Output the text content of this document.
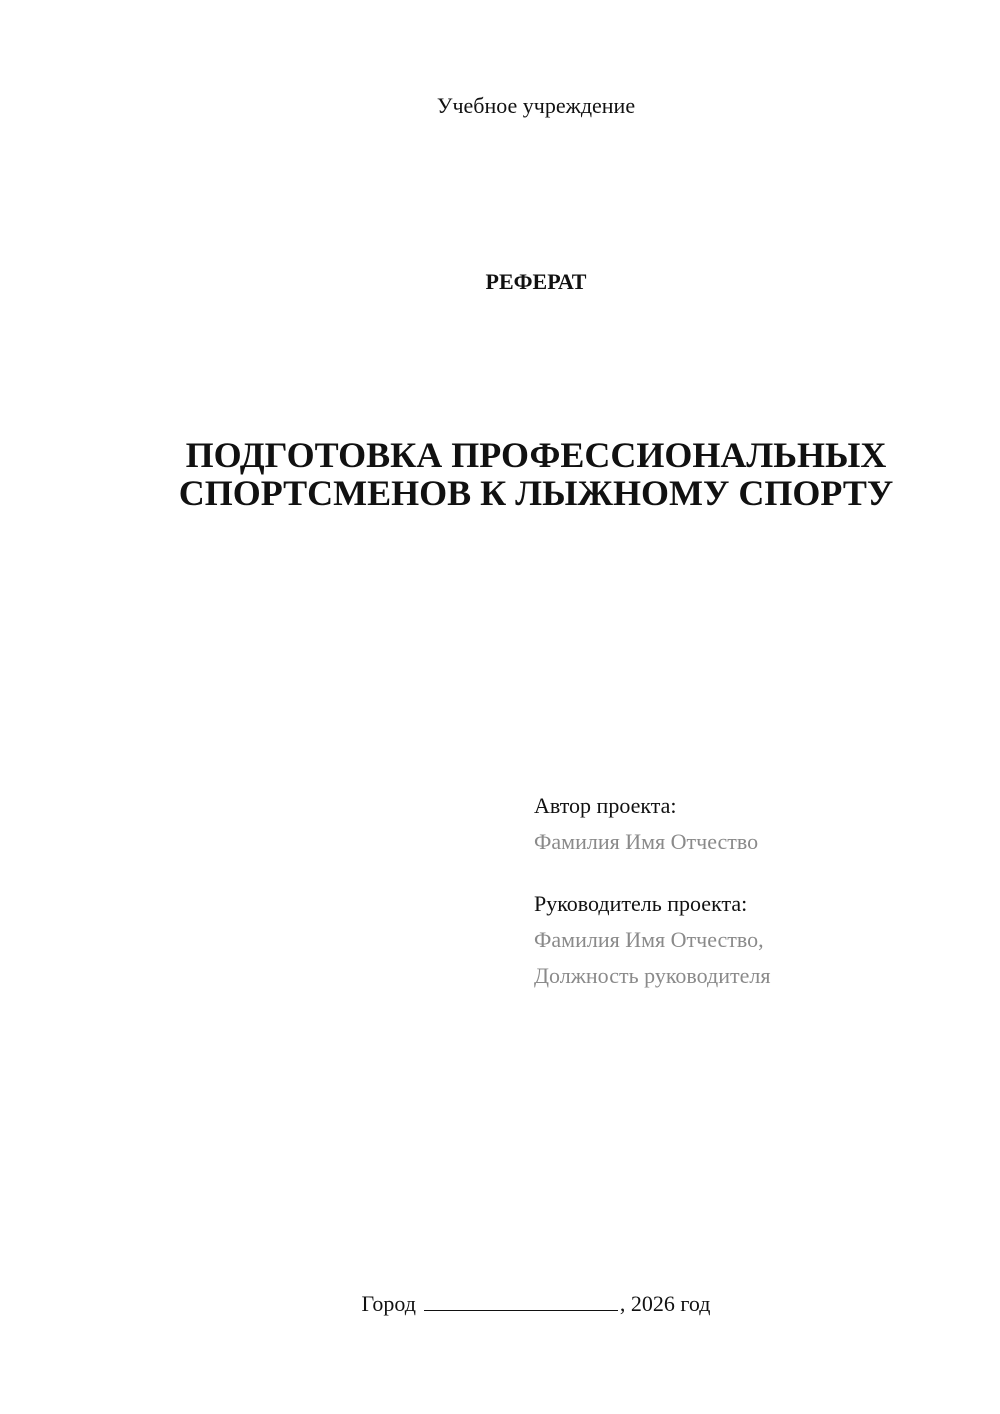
Учебное учреждение
РЕФЕРАТ
ПОДГОТОВКА ПРОФЕССИОНАЛЬНЫХ
СПОРТСМЕНОВ К ЛЫЖНОМУ СПОРТУ
Автор проекта:
Фамилия Имя Отчество
Руководитель проекта:
Фамилия Имя Отчество,
Должность руководителя
Город	, 2026 год
